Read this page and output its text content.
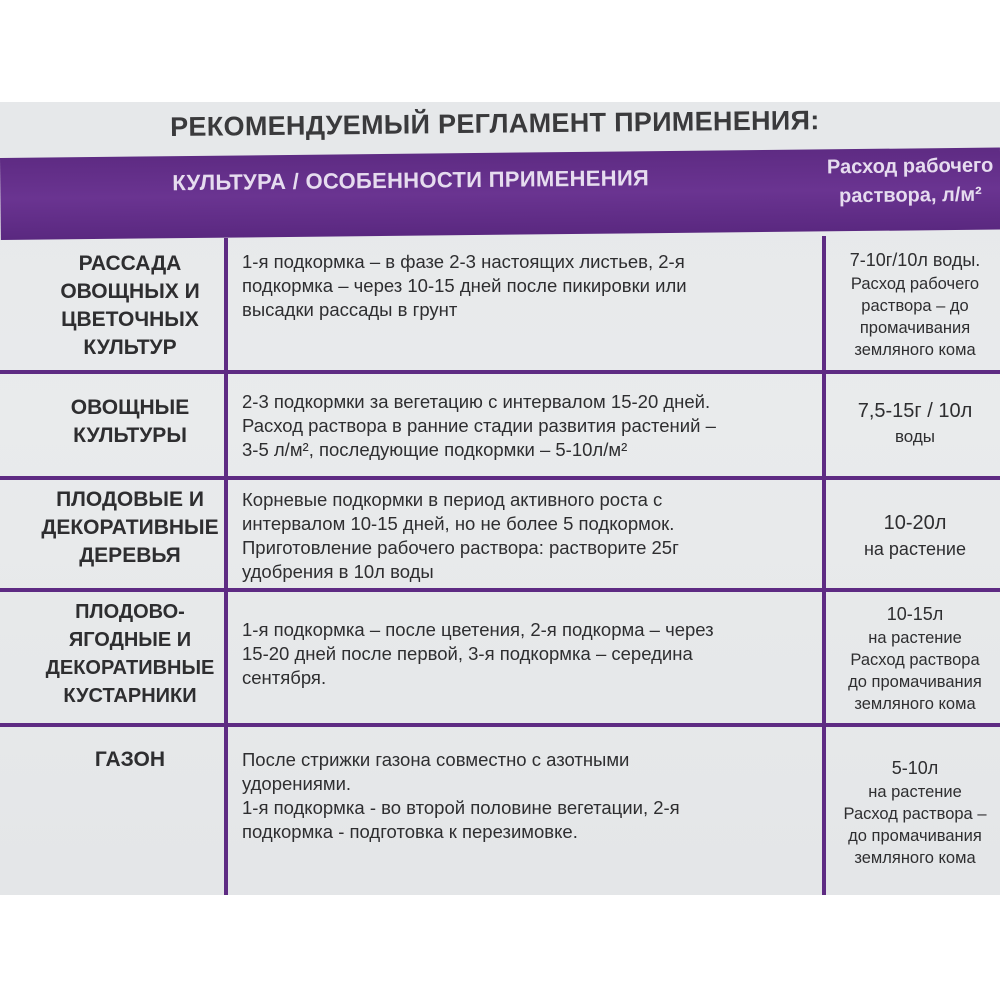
РЕКОМЕНДУЕМЫЙ РЕГЛАМЕНТ ПРИМЕНЕНИЯ:
КУЛЬТУРА / ОСОБЕННОСТИ ПРИМЕНЕНИЯ	Расход рабочего
раствора, л/м²
РАССАДА ОВОЩНЫХ И ЦВЕТОЧНЫХ КУЛЬТУР
1-я подкормка – в фазе 2-3 настоящих листьев, 2-я
подкормка – через 10-15 дней после пикировки или
высадки рассады в грунт
7-10г/10л воды.
Расход рабочего
раствора – до
промачивания
земляного кома
ОВОЩНЫЕ КУЛЬТУРЫ
2-3 подкормки за вегетацию с интервалом 15-20 дней.
Расход раствора в ранние стадии развития растений –
3-5 л/м², последующие подкормки – 5-10л/м²
7,5-15г / 10л
воды
ПЛОДОВЫЕ И ДЕКОРАТИВНЫЕ ДЕРЕВЬЯ
Корневые подкормки в период активного роста с
интервалом 10-15 дней, но не более 5 подкормок.
Приготовление рабочего раствора: растворите 25г
удобрения в 10л воды
10-20л
на растение
ПЛОДОВО-ЯГОДНЫЕ И ДЕКОРАТИВНЫЕ КУСТАРНИКИ
1-я подкормка – после цветения, 2-я подкорма – через
15-20 дней после первой, 3-я подкормка – середина
сентября.
10-15л
на растение
Расход раствора
до промачивания
земляного кома
ГАЗОН	После стрижки газона совместно с азотными
удорениями.
1-я подкормка - во второй половине вегетации, 2-я
подкормка - подготовка к перезимовке.
5-10л
на растение
Расход раствора –
до промачивания
земляного кома
